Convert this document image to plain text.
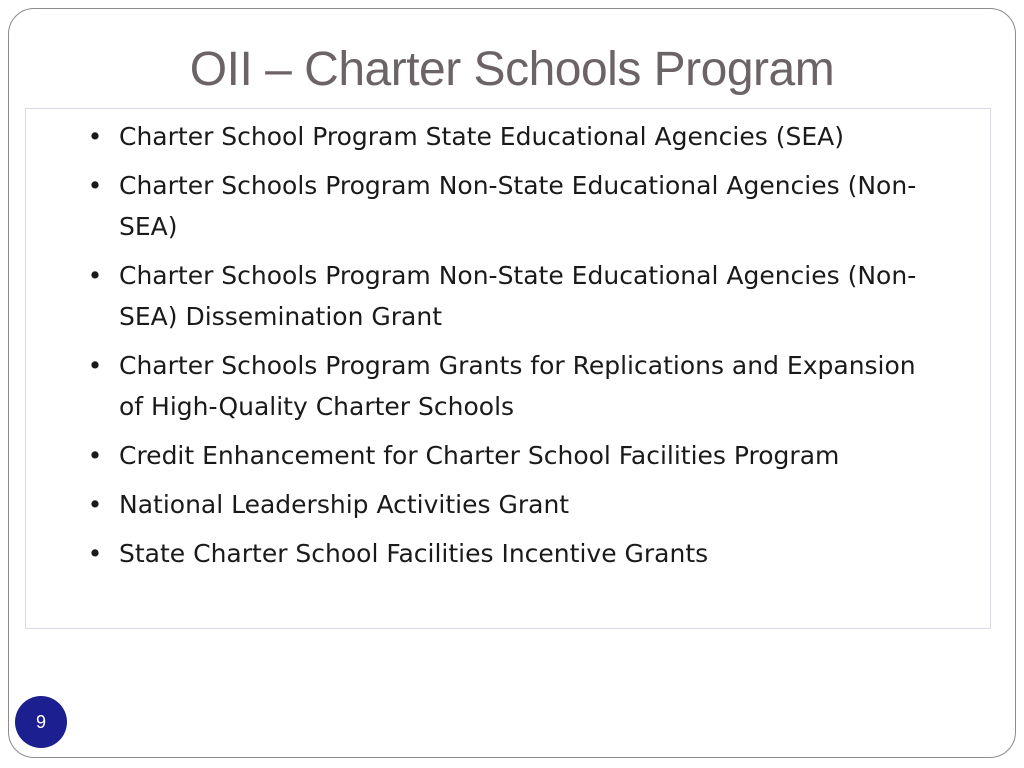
OII – Charter Schools Program
• Charter School Program State Educational Agencies (SEA)
• Charter Schools Program Non-State Educational Agencies (Non-SEA)
• Charter Schools Program Non-State Educational Agencies (Non-SEA) Dissemination Grant
• Charter Schools Program Grants for Replications and Expansion of High-Quality Charter Schools
• Credit Enhancement for Charter School Facilities Program
• National Leadership Activities Grant
• State Charter School Facilities Incentive Grants
9
